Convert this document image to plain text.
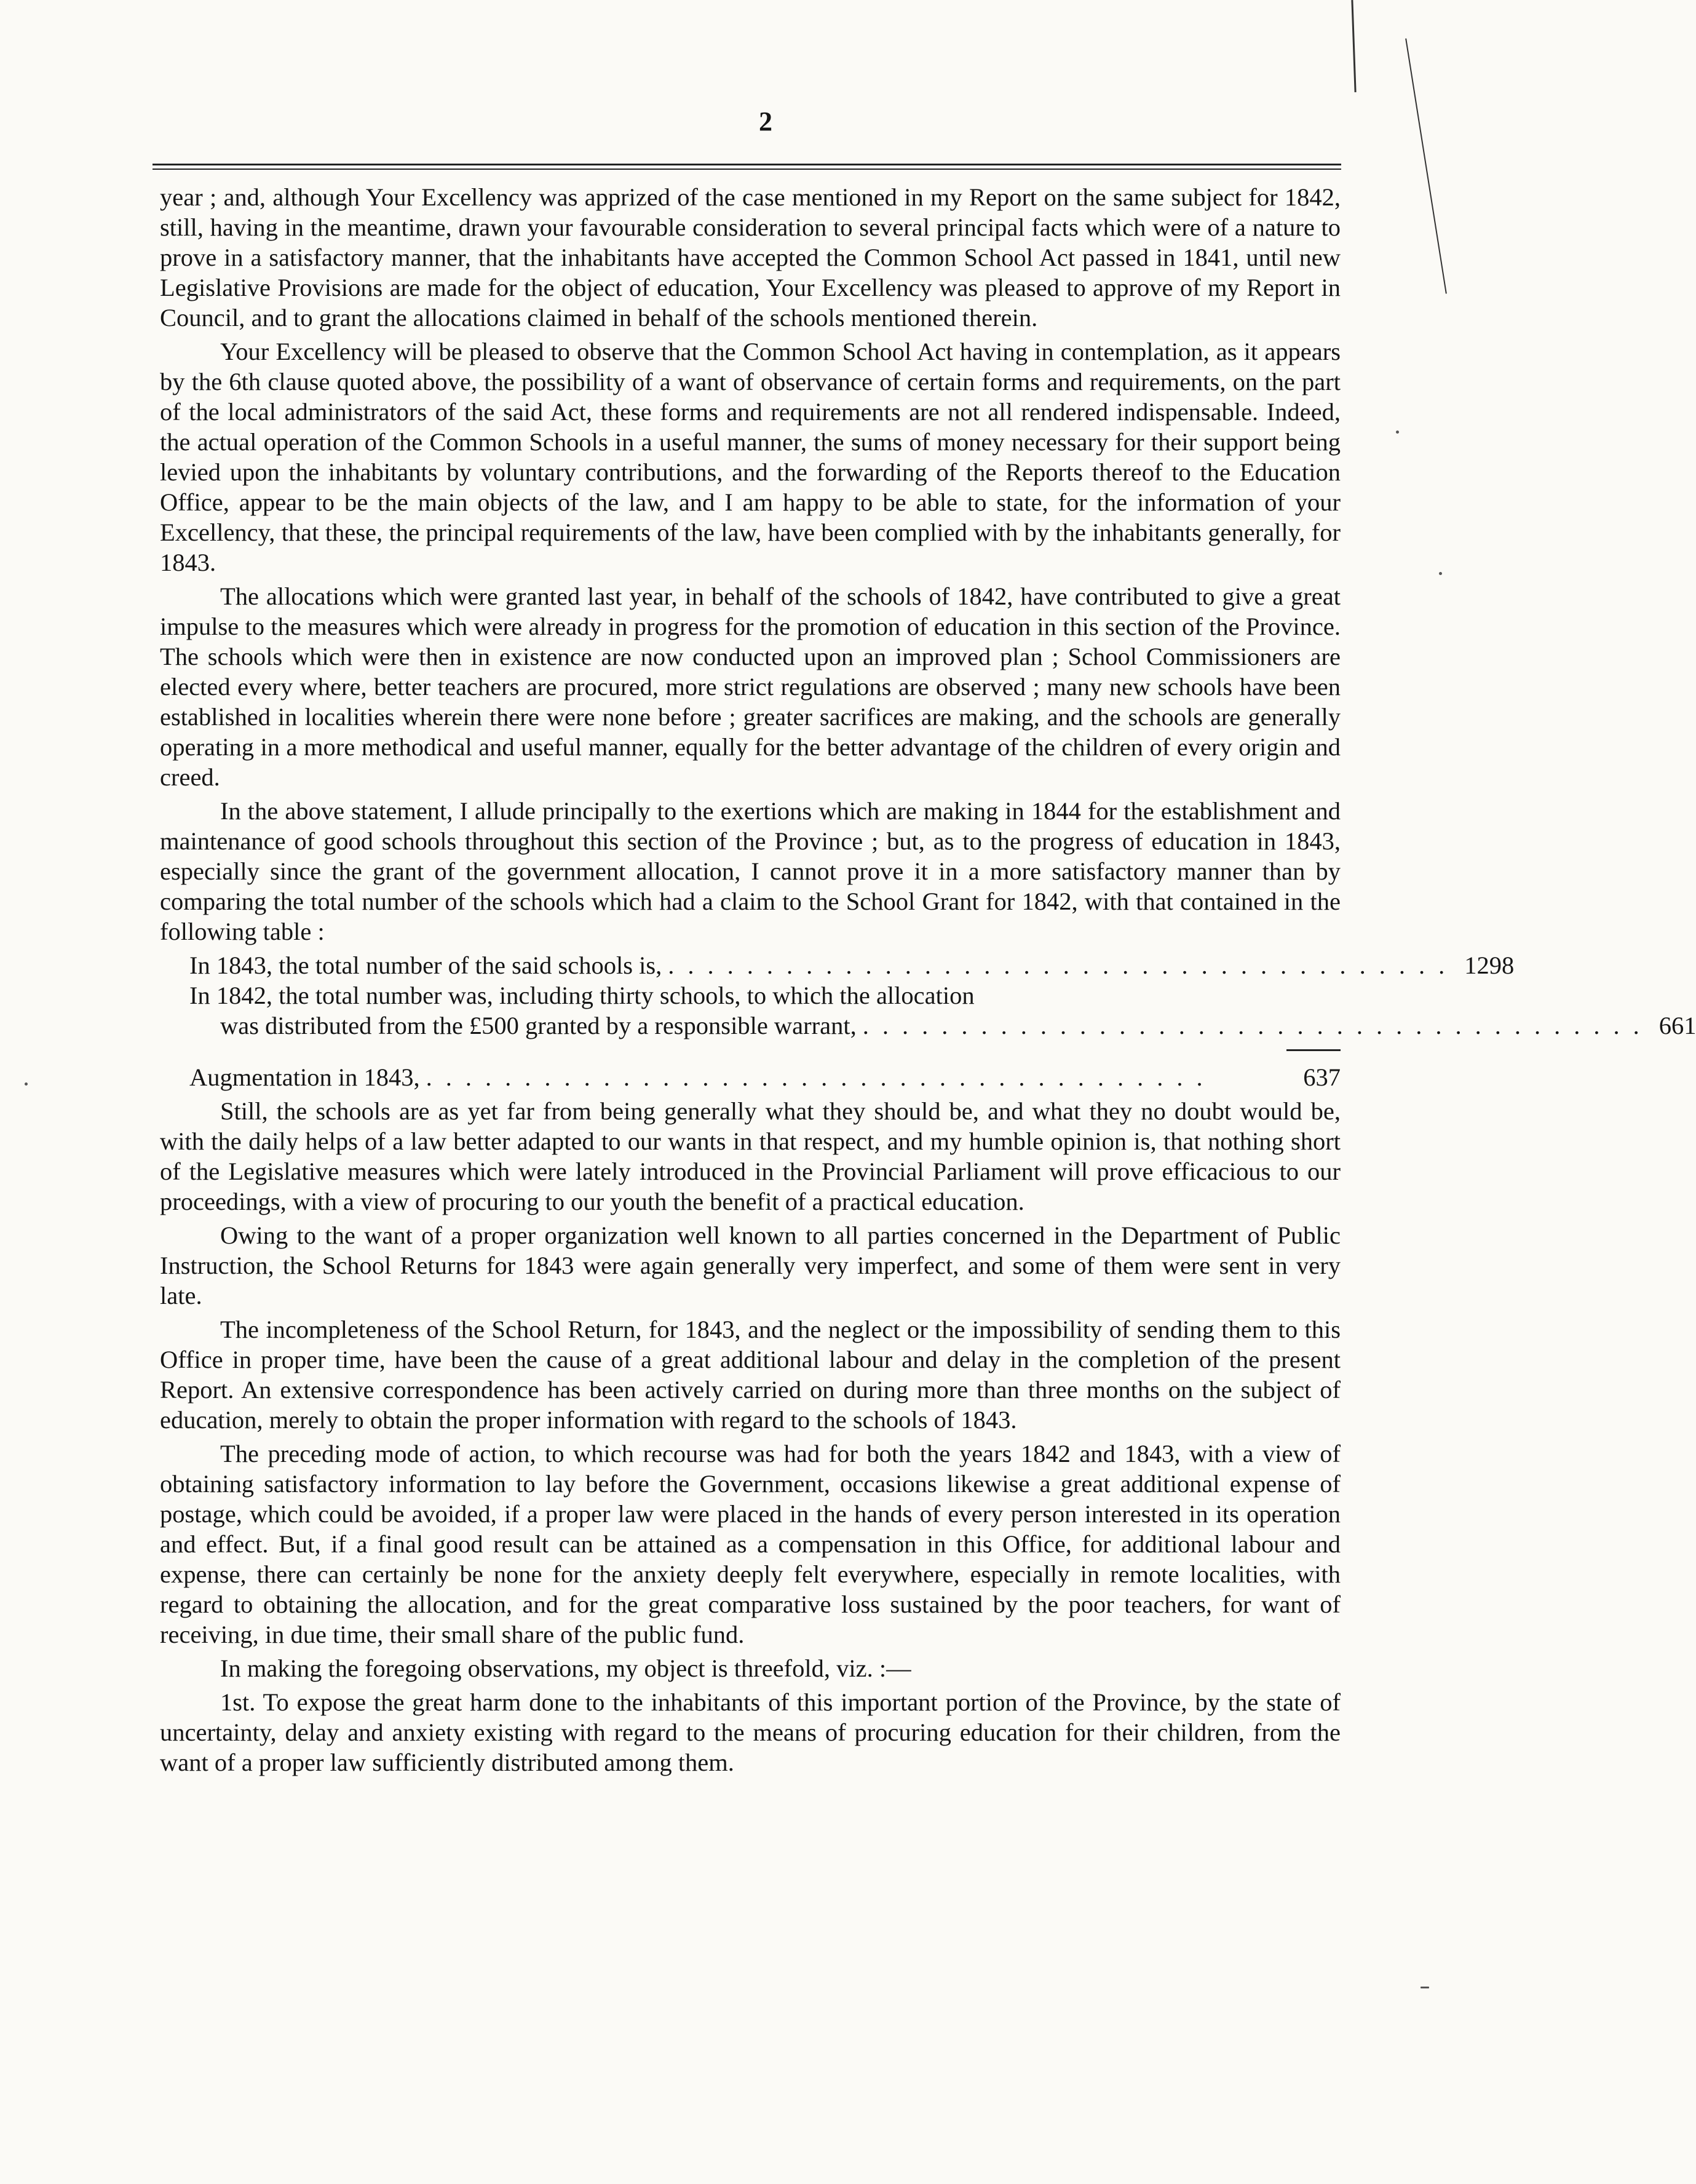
2

year ; and, although Your Excellency was apprized of the case mentioned in my Report on the same subject for 1842, still, having in the meantime, drawn your favourable consideration to several principal facts which were of a nature to prove in a satisfactory manner, that the inhabitants have accepted the Common School Act passed in 1841, until new Legislative Provisions are made for the object of education, Your Excellency was pleased to approve of my Report in Council, and to grant the allocations claimed in behalf of the schools mentioned therein.

Your Excellency will be pleased to observe that the Common School Act having in contemplation, as it appears by the 6th clause quoted above, the possibility of a want of observance of certain forms and requirements, on the part of the local administrators of the said Act, these forms and requirements are not all rendered indispensable. Indeed, the actual operation of the Common Schools in a useful manner, the sums of money necessary for their support being levied upon the inhabitants by voluntary contributions, and the forwarding of the Reports thereof to the Education Office, appear to be the main objects of the law, and I am happy to be able to state, for the information of your Excellency, that these, the principal requirements of the law, have been complied with by the inhabitants generally, for 1843.

The allocations which were granted last year, in behalf of the schools of 1842, have contributed to give a great impulse to the measures which were already in progress for the promotion of education in this section of the Province. The schools which were then in existence are now conducted upon an improved plan ; School Commissioners are elected every where, better teachers are procured, more strict regulations are observed ; many new schools have been established in localities wherein there were none before ; greater sacrifices are making, and the schools are generally operating in a more methodical and useful manner, equally for the better advantage of the children of every origin and creed.

In the above statement, I allude principally to the exertions which are making in 1844 for the establishment and maintenance of good schools throughout this section of the Province ; but, as to the progress of education in 1843, especially since the grant of the government allocation, I cannot prove it in a more satisfactory manner than by comparing the total number of the schools which had a claim to the School Grant for 1842, with that contained in the following table :

In 1843, the total number of the said schools is, ........................................ 1298
In 1842, the total number was, including thirty schools, to which the allocation
was distributed from the £500 granted by a responsible warrant, ........................................ 661
Augmentation in 1843, ........................................	637

Still, the schools are as yet far from being generally what they should be, and what they no doubt would be, with the daily helps of a law better adapted to our wants in that respect, and my humble opinion is, that nothing short of the Legislative measures which were lately introduced in the Provincial Parliament will prove efficacious to our proceedings, with a view of procuring to our youth the benefit of a practical education.

Owing to the want of a proper organization well known to all parties concerned in the Department of Public Instruction, the School Returns for 1843 were again generally very imperfect, and some of them were sent in very late.

The incompleteness of the School Return, for 1843, and the neglect or the impossibility of sending them to this Office in proper time, have been the cause of a great additional labour and delay in the completion of the present Report. An extensive correspondence has been actively carried on during more than three months on the subject of education, merely to obtain the proper information with regard to the schools of 1843.

The preceding mode of action, to which recourse was had for both the years 1842 and 1843, with a view of obtaining satisfactory information to lay before the Government, occasions likewise a great additional expense of postage, which could be avoided, if a proper law were placed in the hands of every person interested in its operation and effect. But, if a final good result can be attained as a compensation in this Office, for additional labour and expense, there can certainly be none for the anxiety deeply felt everywhere, especially in remote localities, with regard to obtaining the allocation, and for the great comparative loss sustained by the poor teachers, for want of receiving, in due time, their small share of the public fund.

In making the foregoing observations, my object is threefold, viz. :—

1st. To expose the great harm done to the inhabitants of this important portion of the Province, by the state of uncertainty, delay and anxiety existing with regard to the means of procuring education for their children, from the want of a proper law sufficiently distributed among them.
